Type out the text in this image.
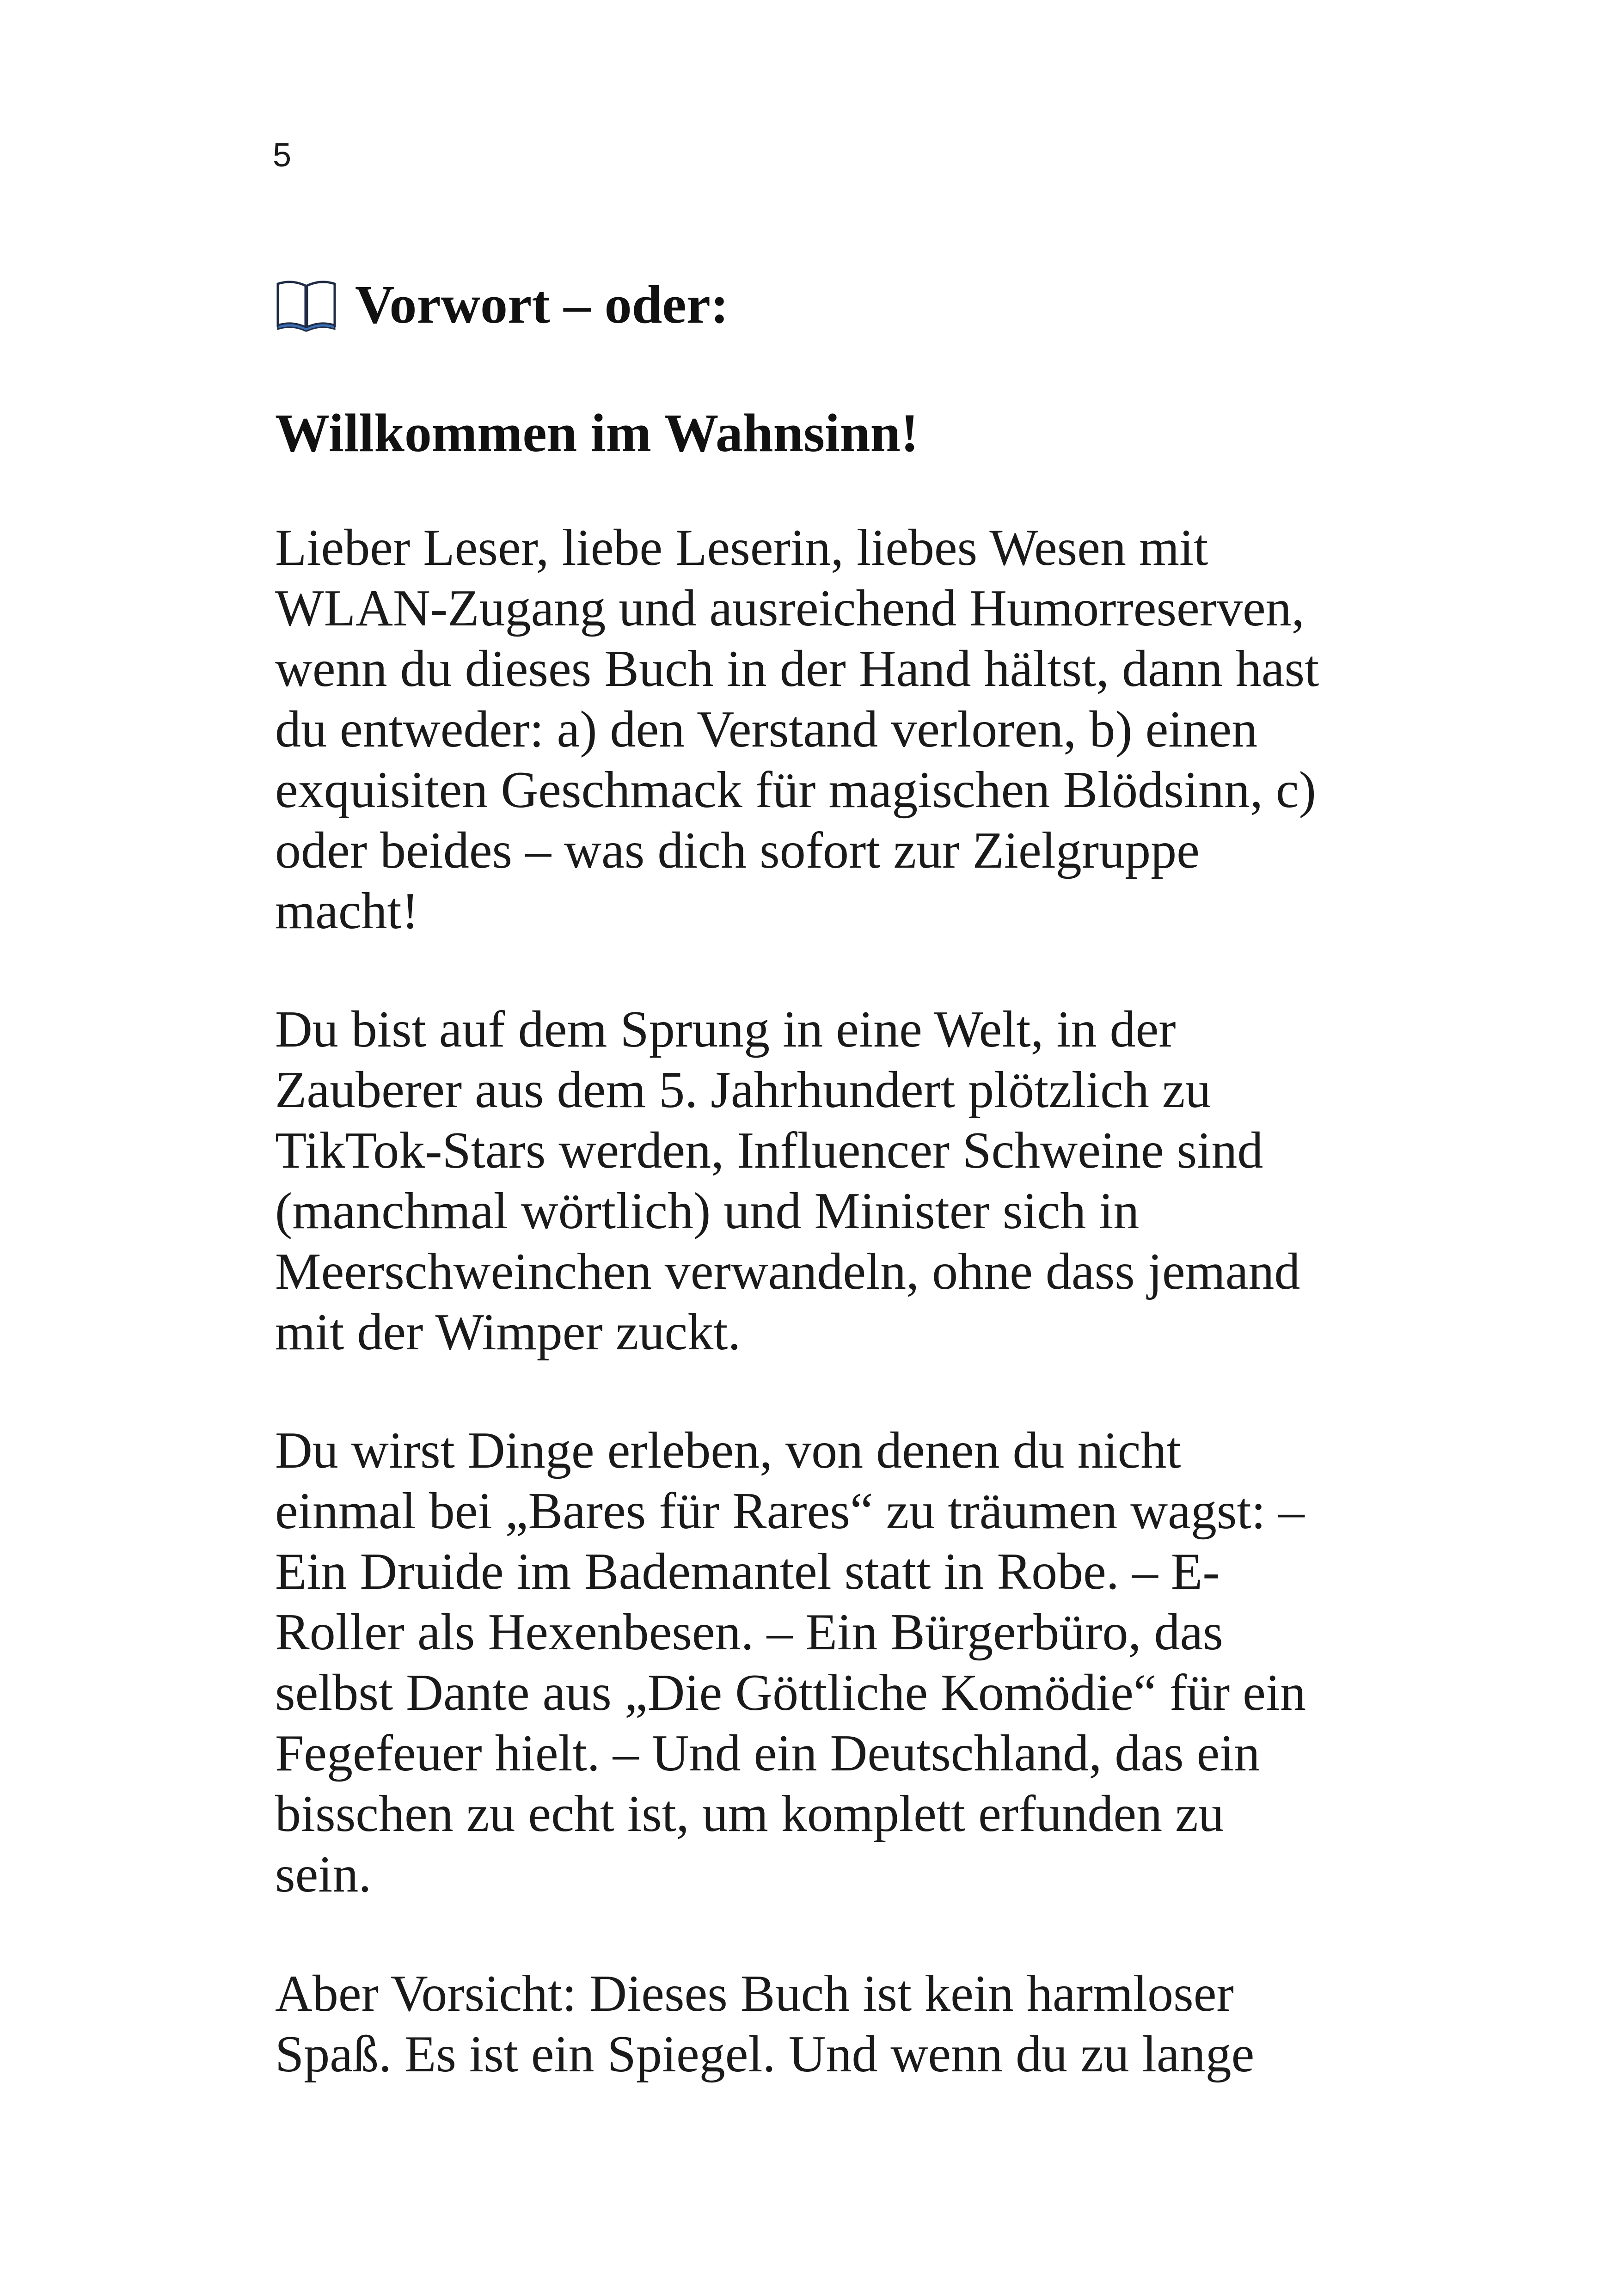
5
Vorwort – oder:
Willkommen im Wahnsinn!
Lieber Leser, liebe Leserin, liebes Wesen mit
WLAN-Zugang und ausreichend Humorreserven,
wenn du dieses Buch in der Hand hältst, dann hast
du entweder: a) den Verstand verloren, b) einen
exquisiten Geschmack für magischen Blödsinn, c)
oder beides – was dich sofort zur Zielgruppe
macht!
Du bist auf dem Sprung in eine Welt, in der
Zauberer aus dem 5. Jahrhundert plötzlich zu
TikTok-Stars werden, Influencer Schweine sind
(manchmal wörtlich) und Minister sich in
Meerschweinchen verwandeln, ohne dass jemand
mit der Wimper zuckt.
Du wirst Dinge erleben, von denen du nicht
einmal bei „Bares für Rares“ zu träumen wagst: –
Ein Druide im Bademantel statt in Robe. – E-
Roller als Hexenbesen. – Ein Bürgerbüro, das
selbst Dante aus „Die Göttliche Komödie“ für ein
Fegefeuer hielt. – Und ein Deutschland, das ein
bisschen zu echt ist, um komplett erfunden zu
sein.
Aber Vorsicht: Dieses Buch ist kein harmloser
Spaß. Es ist ein Spiegel. Und wenn du zu lange
